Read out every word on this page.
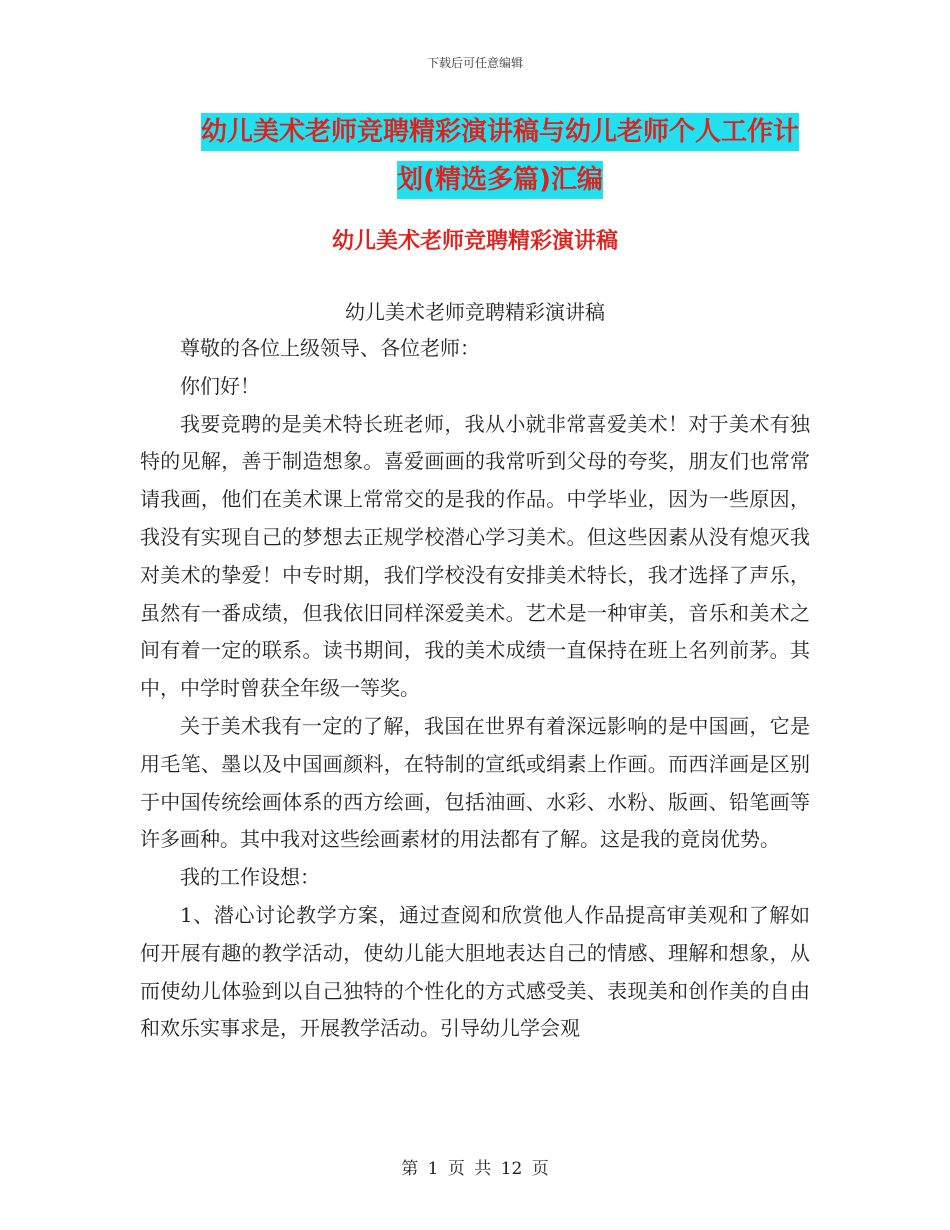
下载后可任意编辑
幼儿美术老师竞聘精彩演讲稿与幼儿老师个人工作计
划(精选多篇)汇编
幼儿美术老师竞聘精彩演讲稿
幼儿美术老师竞聘精彩演讲稿

尊敬的各位上级领导、各位老师：

你们好！

我要竞聘的是美术特长班老师，我从小就非常喜爱美术！对于美术有独特的见解，善于制造想象。喜爱画画的我常听到父母的夸奖，朋友们也常常请我画，他们在美术课上常常交的是我的作品。中学毕业，因为一些原因，我没有实现自己的梦想去正规学校潜心学习美术。但这些因素从没有熄灭我对美术的挚爱！中专时期，我们学校没有安排美术特长，我才选择了声乐，虽然有一番成绩，但我依旧同样深爱美术。艺术是一种审美，音乐和美术之间有着一定的联系。读书期间，我的美术成绩一直保持在班上名列前茅。其中，中学时曾获全年级一等奖。

关于美术我有一定的了解，我国在世界有着深远影响的是中国画，它是用毛笔、墨以及中国画颜料，在特制的宣纸或绢素上作画。而西洋画是区别于中国传统绘画体系的西方绘画，包括油画、水彩、水粉、版画、铅笔画等许多画种。其中我对这些绘画素材的用法都有了解。这是我的竟岗优势。

我的工作设想：

1、潜心讨论教学方案，通过查阅和欣赏他人作品提高审美观和了解如何开展有趣的教学活动，使幼儿能大胆地表达自己的情感、理解和想象，从而使幼儿体验到以自己独特的个性化的方式感受美、表现美和创作美的自由和欢乐实事求是，开展教学活动。引导幼儿学会观

第 1 页 共 12 页
